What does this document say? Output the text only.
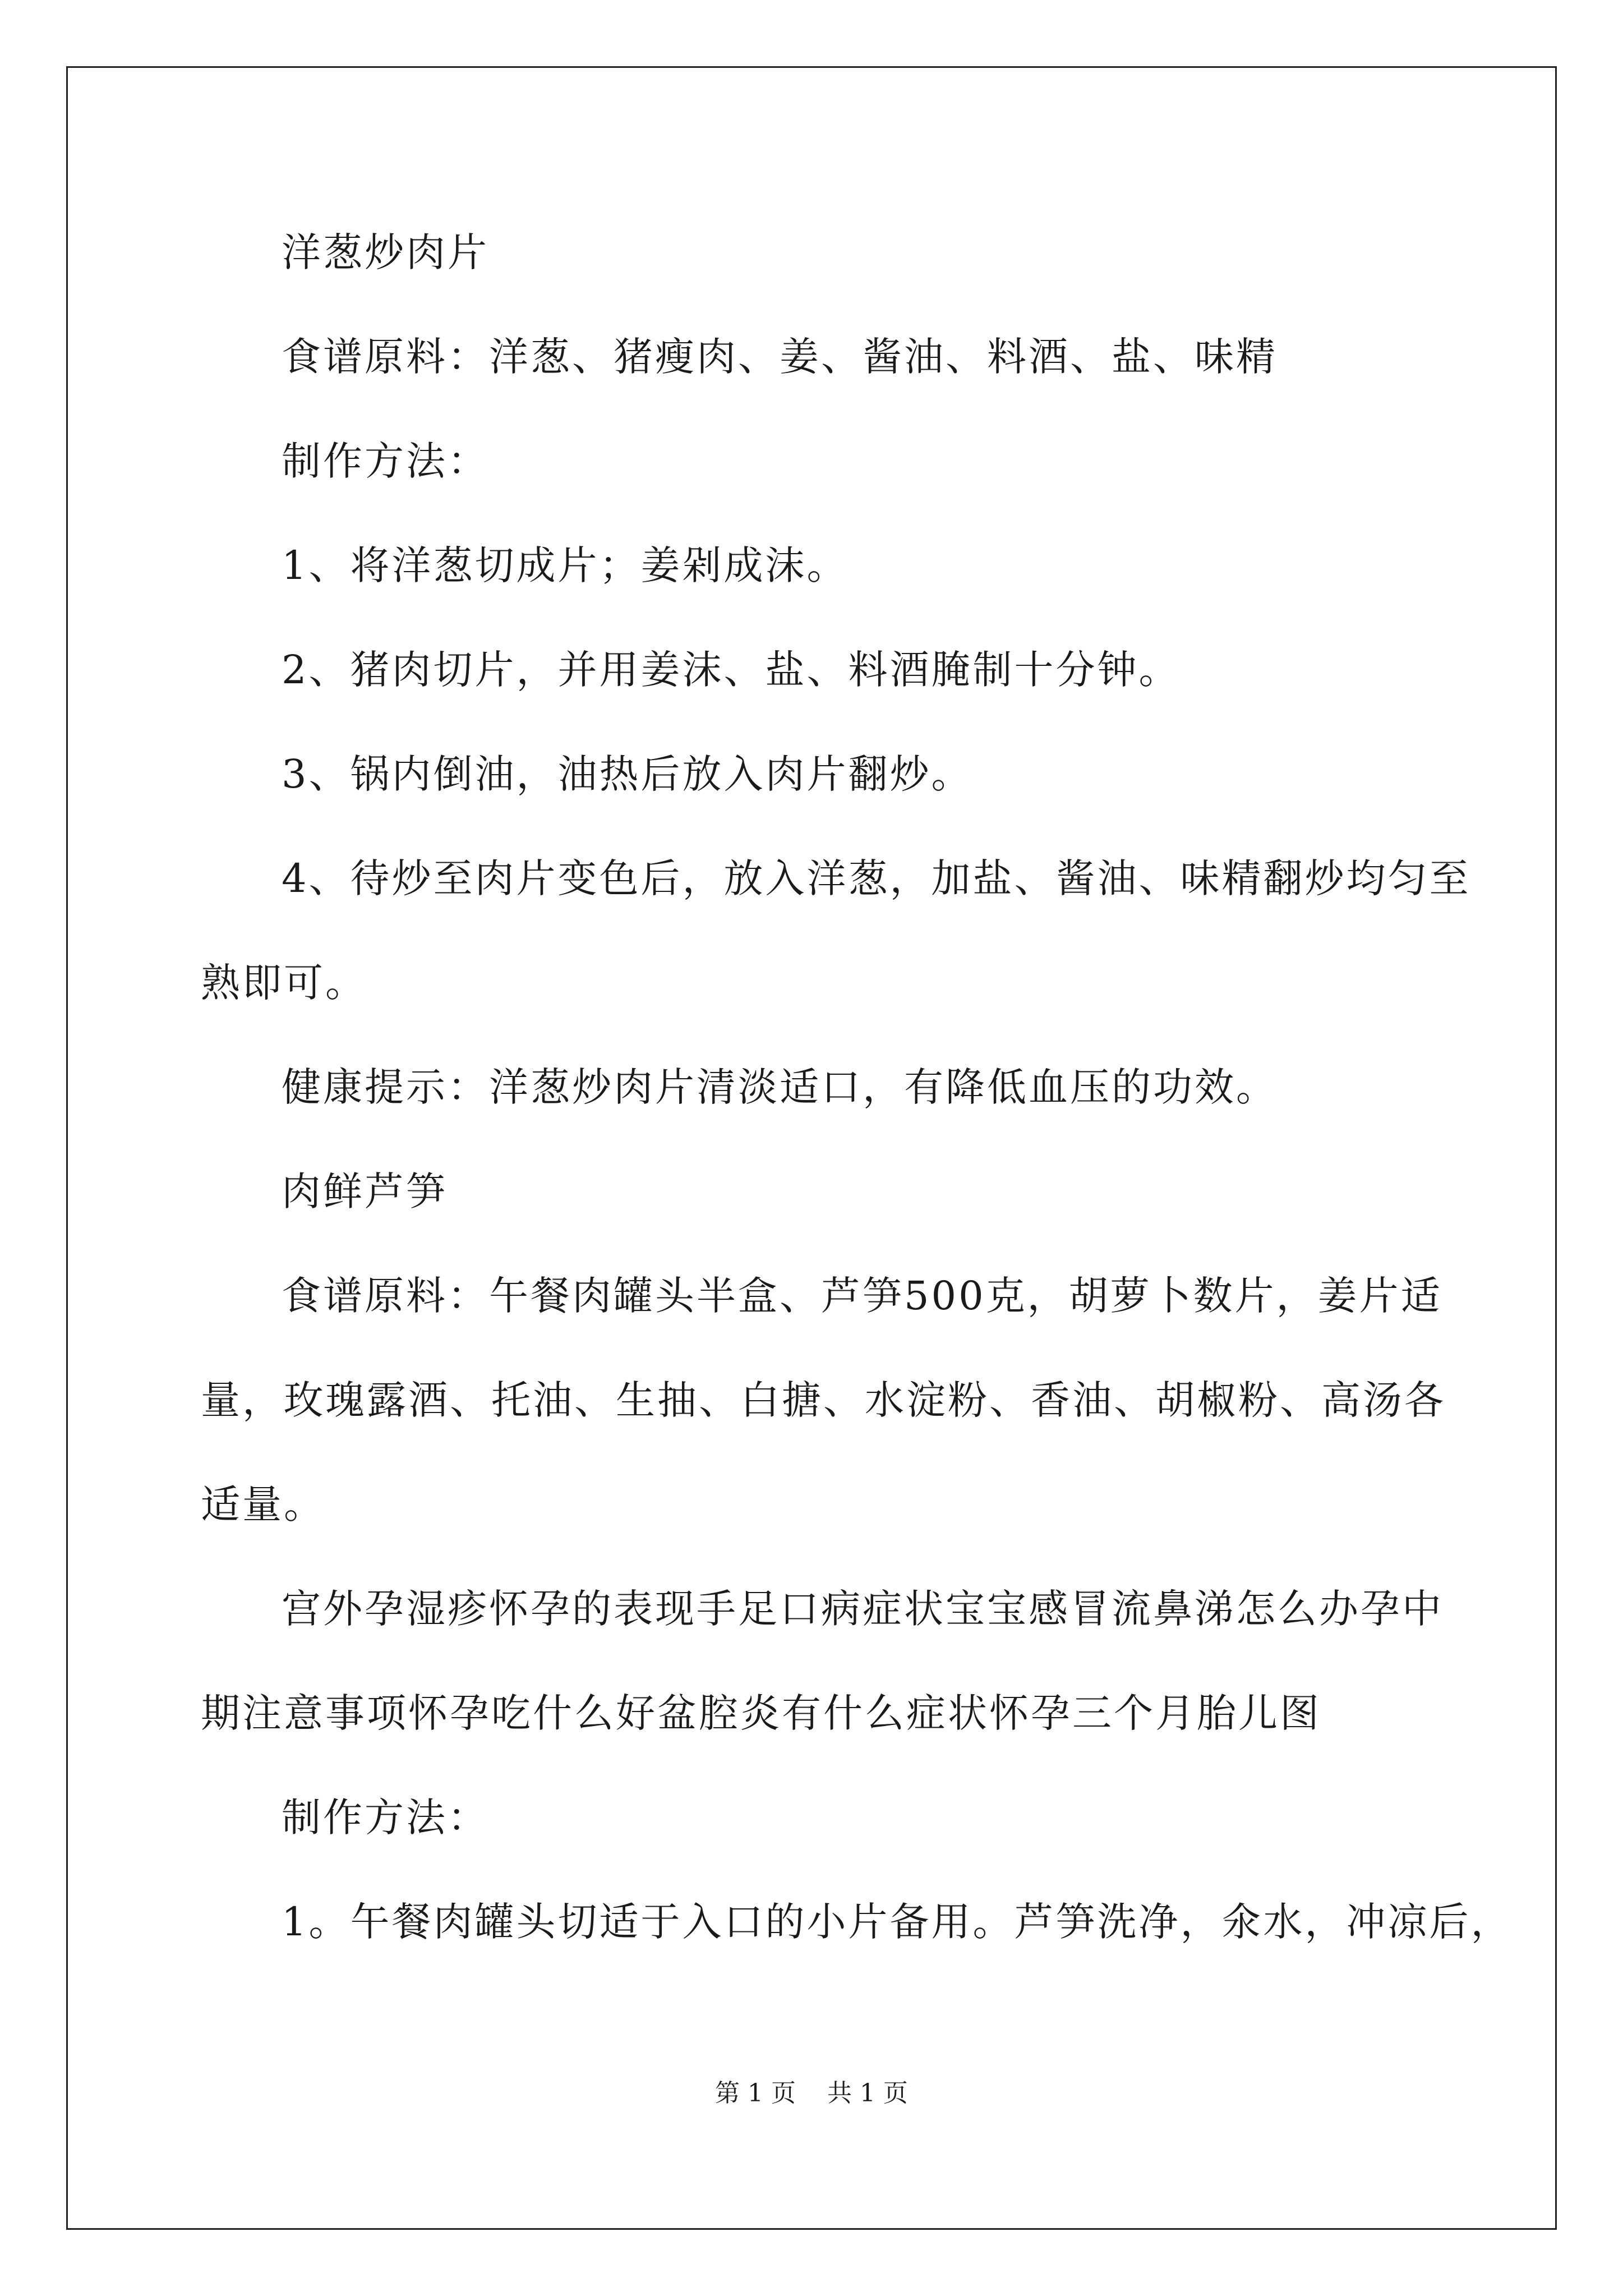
洋葱炒肉片
食谱原料：洋葱、猪瘦肉、姜、酱油、料酒、盐、味精
制作方法：
1、将洋葱切成片；姜剁成沫。
2、猪肉切片，并用姜沫、盐、料酒腌制十分钟。
3、锅内倒油，油热后放入肉片翻炒。
4、待炒至肉片变色后，放入洋葱，加盐、酱油、味精翻炒均匀至
熟即可。
健康提示：洋葱炒肉片清淡适口，有降低血压的功效。
肉鲜芦笋
食谱原料：午餐肉罐头半盒、芦笋500克，胡萝卜数片，姜片适
量，玫瑰露酒、托油、生抽、白搪、水淀粉、香油、胡椒粉、高汤各
适量。
宫外孕湿疹怀孕的表现手足口病症状宝宝感冒流鼻涕怎么办孕中
期注意事项怀孕吃什么好盆腔炎有什么症状怀孕三个月胎儿图
制作方法：
1。午餐肉罐头切适于入口的小片备用。芦笋洗净，氽水，冲凉后，
第 1 页    共 1 页
